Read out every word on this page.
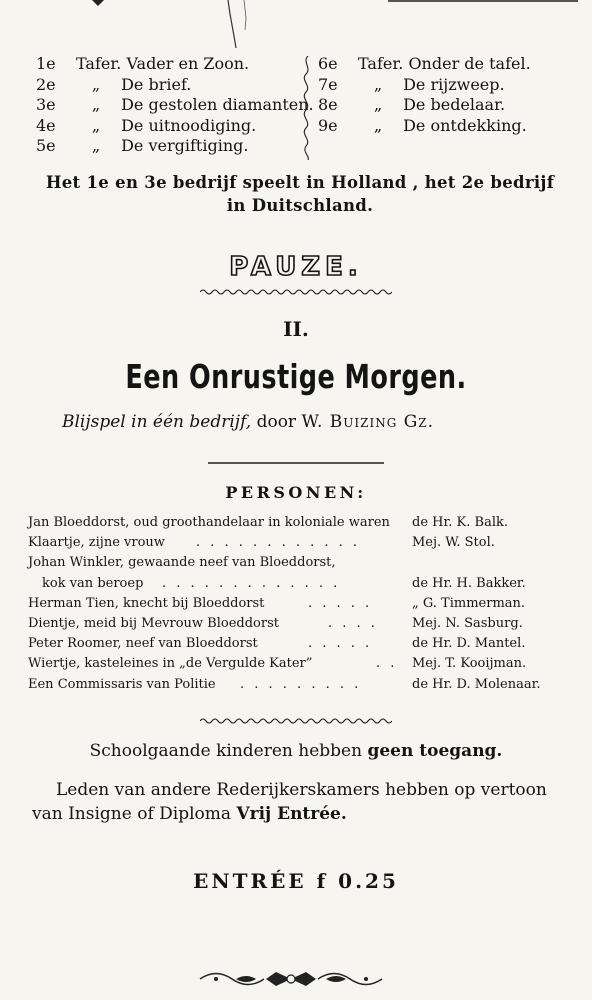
1e Tafer. Vader en Zoon.
2e „ De brief.
3e „ De gestolen diamanten.
4e „ De uitnoodiging.
5e „ De vergiftiging.
6e Tafer. Onder de tafel.
7e „ De rijzweep.
8e „ De bedelaar.
9e „ De ontdekking.
Het 1e en 3e bedrijf speelt in Holland , het 2e bedrijf
in Duitschland.
PAUZE.
II.
Een Onrustige Morgen.
Blijspel in één bedrijf, door W. Buizing Gz.
PERSONEN:
Jan Bloeddorst, oud groothandelaar in koloniale waren de Hr. K. Balk.
Klaartje, zijne vrouw . . . . . . . . . . . .	Mej. W. Stol.
Johan Winkler, gewaande neef van Bloeddorst,
kok van beroep . . . . . . . . . . . . .	de Hr. H. Bakker.
Herman Tien, knecht bij Bloeddorst	. . . . .	„ G. Timmerman.
Dientje, meid bij Mevrouw Bloeddorst	. . . .	Mej. N. Sasburg.
Peter Roomer, neef van Bloeddorst	. . . . .	de Hr. D. Mantel.
Wiertje, kasteleines in „de Vergulde Kater”	. . Mej. T. Kooijman.
Een Commissaris van Politie . . . . . . . . .	de Hr. D. Molenaar.
Schoolgaande kinderen hebben geen toegang.
Leden van andere Rederijkerskamers hebben op vertoon
van Insigne of Diploma Vrij Entrée.
ENTRÉE f 0.25
